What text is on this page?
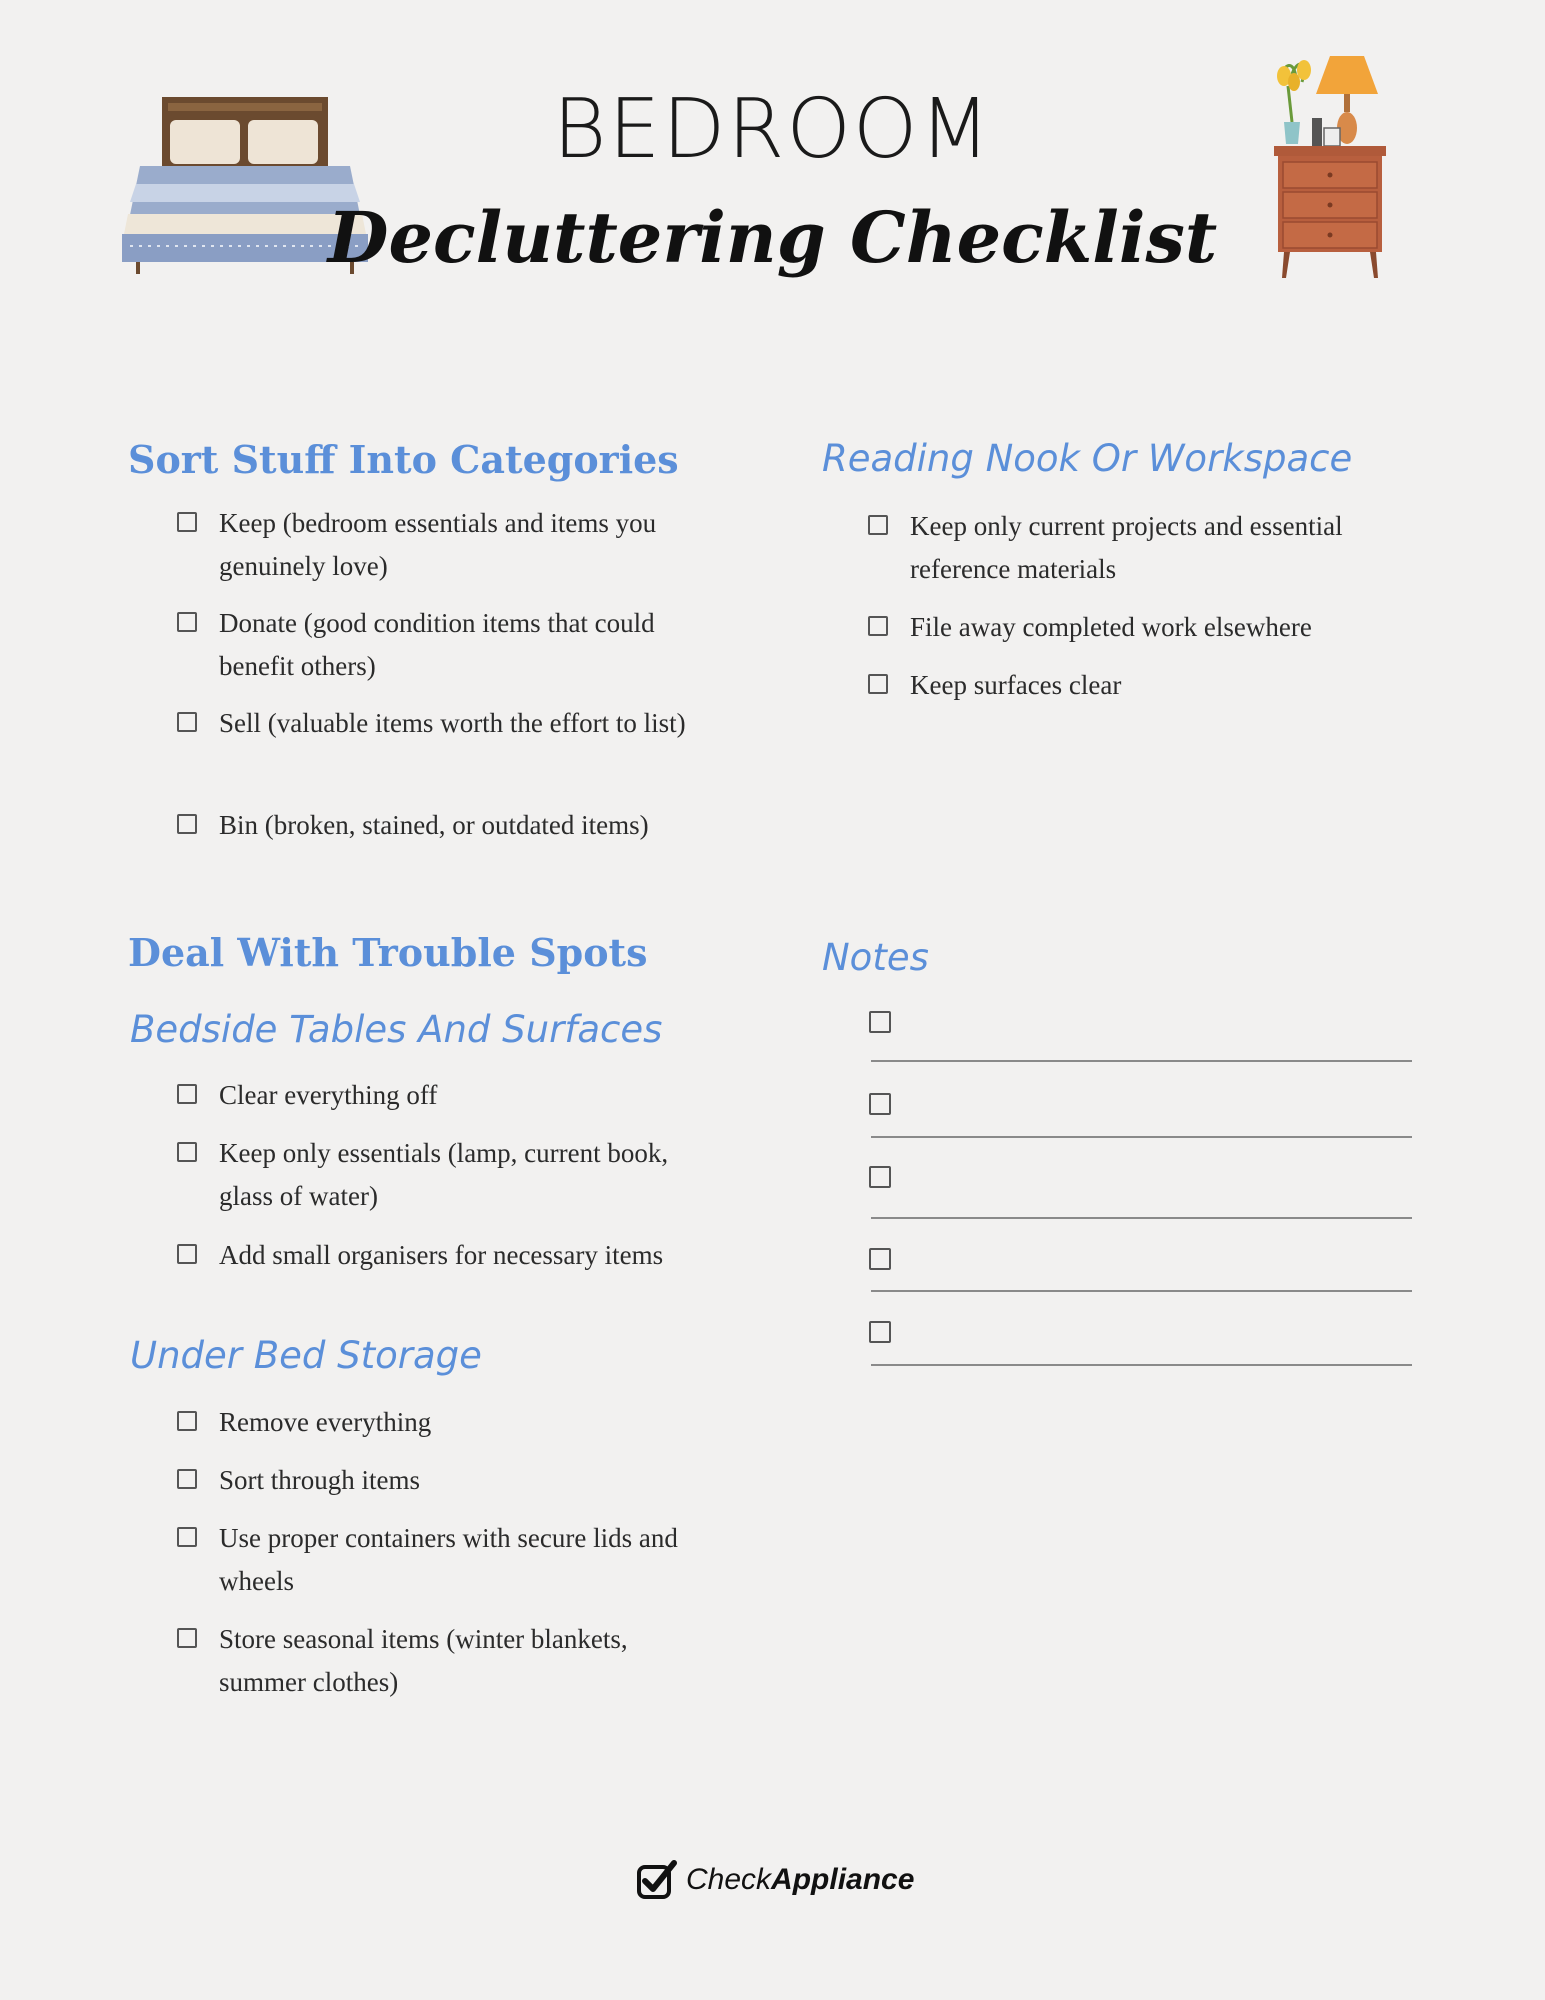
BEDROOM
Decluttering Checklist
Sort Stuff Into Categories
Keep (bedroom essentials and items you genuinely love)
Donate (good condition items that could benefit others)
Sell (valuable items worth the effort to list)
Bin (broken, stained, or outdated items)
Deal With Trouble Spots
Bedside Tables And Surfaces
Clear everything off
Keep only essentials (lamp, current book, glass of water)
Add small organisers for necessary items
Under Bed Storage
Remove everything
Sort through items
Use proper containers with secure lids and wheels
Store seasonal items (winter blankets, summer clothes)
Reading Nook Or Workspace
Keep only current projects and essential reference materials
File away completed work elsewhere
Keep surfaces clear
Notes
CheckAppliance
